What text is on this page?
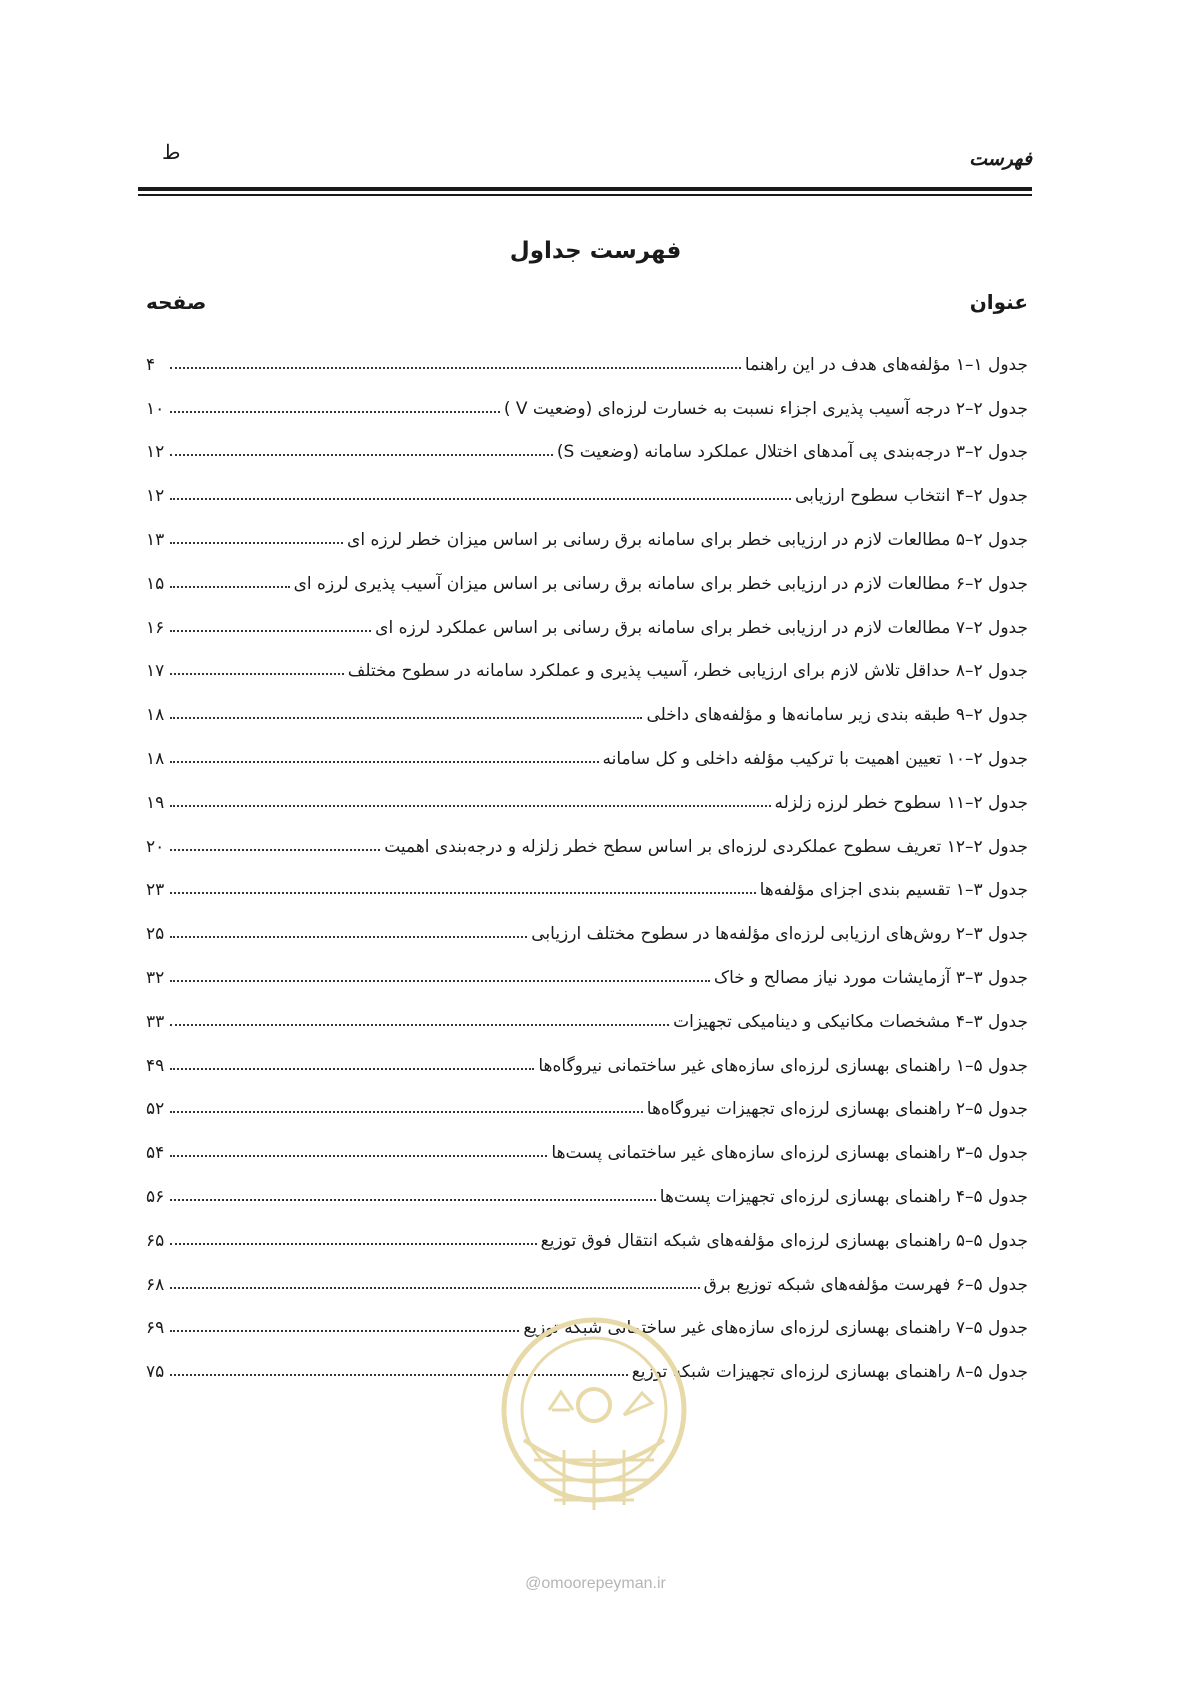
فهرست
ط
فهرست جداول
عنوان
صفحه
جدول ۱–۱ مؤلفه‌های هدف در این راهنما
۴
جدول ۲–۲ درجه آسیب پذیری اجزاء نسبت به خسارت لرزه‌ای (وضعیت V )
۱۰
جدول ۲–۳ درجه‌بندی پی آمدهای اختلال عملکرد سامانه (وضعیت S)
۱۲
جدول ۲–۴ انتخاب سطوح ارزیابی
۱۲
جدول ۲–۵ مطالعات لازم در ارزیابی خطر برای سامانه برق رسانی بر اساس میزان خطر لرزه ای
۱۳
جدول ۲–۶ مطالعات لازم در ارزیابی خطر برای سامانه برق رسانی بر اساس میزان آسیب پذیری لرزه ای
۱۵
جدول ۲–۷ مطالعات لازم در ارزیابی خطر برای سامانه برق رسانی بر اساس عملکرد لرزه ای
۱۶
جدول ۲–۸ حداقل تلاش لازم برای ارزیابی خطر، آسیب پذیری و عملکرد سامانه در سطوح مختلف
۱۷
جدول ۲–۹ طبقه بندی زیر سامانه‌ها و مؤلفه‌های داخلی
۱۸
جدول ۲–۱۰ تعیین اهمیت با ترکیب مؤلفه داخلی و کل سامانه
۱۸
جدول ۲–۱۱ سطوح خطر لرزه زلزله
۱۹
جدول ۲–۱۲ تعریف سطوح عملکردی لرزه‌ای بر اساس سطح خطر زلزله و درجه‌بندی اهمیت
۲۰
جدول ۳–۱ تقسیم بندی اجزای مؤلفه‌ها
۲۳
جدول ۳–۲ روش‌های ارزیابی لرزه‌ای مؤلفه‌ها در سطوح مختلف ارزیابی
۲۵
جدول ۳–۳ آزمایشات مورد نیاز مصالح و خاک
۳۲
جدول ۳–۴ مشخصات مکانیکی و دینامیکی تجهیزات
۳۳
جدول ۵–۱ راهنمای بهسازی لرزه‌ای سازه‌های غیر ساختمانی نیروگاه‌ها
۴۹
جدول ۵–۲ راهنمای بهسازی لرزه‌ای تجهیزات نیروگاه‌ها
۵۲
جدول ۵–۳ راهنمای بهسازی لرزه‌ای سازه‌های غیر ساختمانی پست‌ها
۵۴
جدول ۵–۴ راهنمای بهسازی لرزه‌ای تجهیزات پست‌ها
۵۶
جدول ۵–۵ راهنمای بهسازی لرزه‌ای مؤلفه‌های شبکه انتقال فوق توزیع
۶۵
جدول ۵–۶ فهرست مؤلفه‌های شبکه توزیع برق
۶۸
جدول ۵–۷ راهنمای بهسازی لرزه‌ای سازه‌های غیر ساختمانی شبکه توزیع
۶۹
جدول ۵–۸ راهنمای بهسازی لرزه‌ای تجهیزات شبکه توزیع
۷۵
@omoorepeyman.ir
